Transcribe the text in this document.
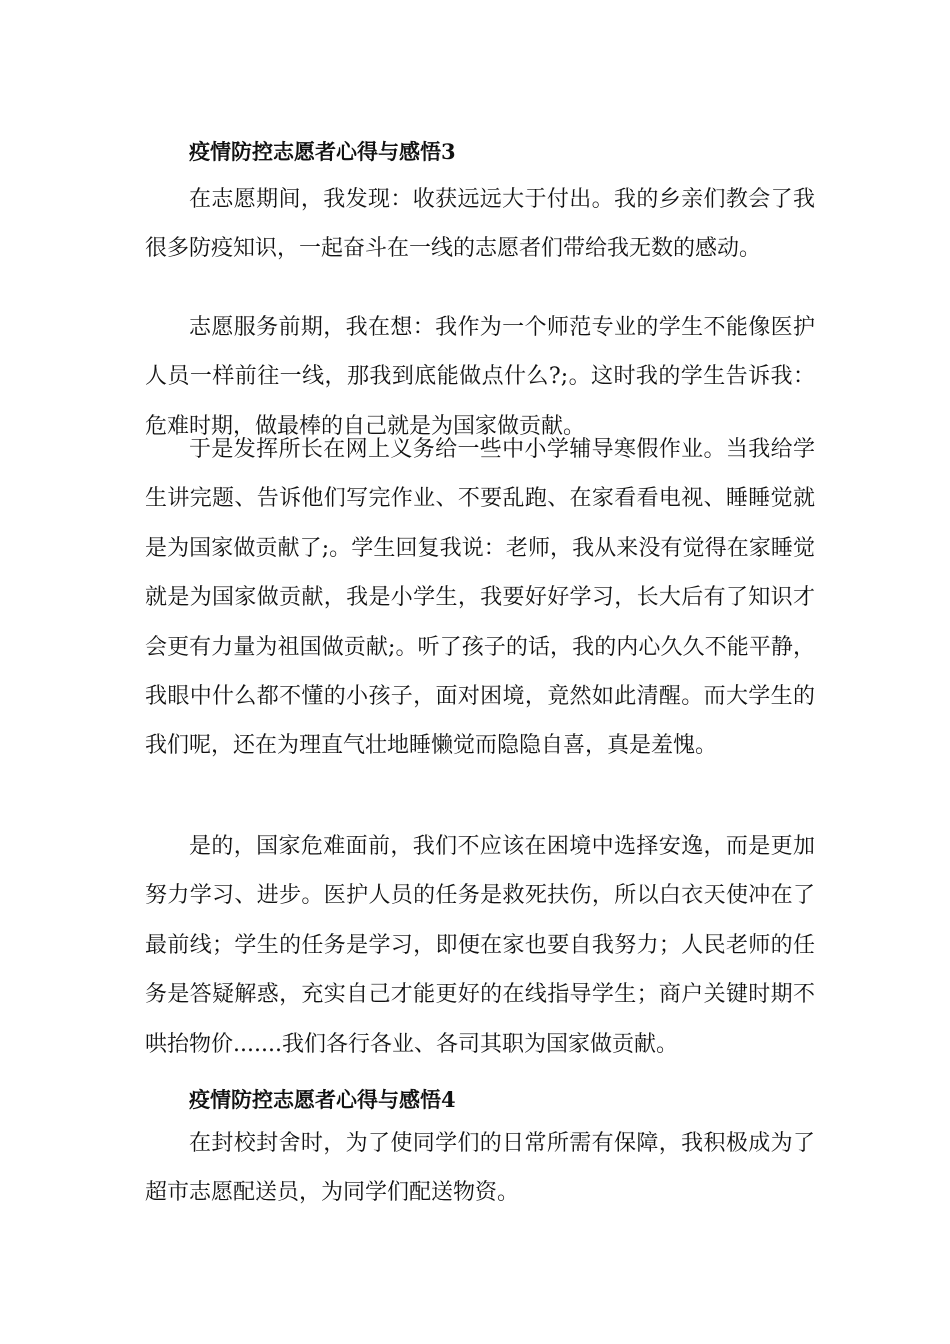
疫情防控志愿者心得与感悟3

在志愿期间，我发现：收获远远大于付出。我的乡亲们教会了我很多防疫知识，一起奋斗在一线的志愿者们带给我无数的感动。

志愿服务前期，我在想：我作为一个师范专业的学生不能像医护人员一样前往一线，那我到底能做点什么?;。这时我的学生告诉我：危难时期，做最棒的自己就是为国家做贡献。

于是发挥所长在网上义务给一些中小学辅导寒假作业。当我给学生讲完题、告诉他们写完作业、不要乱跑、在家看看电视、睡睡觉就是为国家做贡献了;。学生回复我说：老师，我从来没有觉得在家睡觉就是为国家做贡献，我是小学生，我要好好学习，长大后有了知识才会更有力量为祖国做贡献;。听了孩子的话，我的内心久久不能平静，我眼中什么都不懂的小孩子，面对困境，竟然如此清醒。而大学生的我们呢，还在为理直气壮地睡懒觉而隐隐自喜，真是羞愧。

是的，国家危难面前，我们不应该在困境中选择安逸，而是更加努力学习、进步。医护人员的任务是救死扶伤，所以白衣天使冲在了最前线；学生的任务是学习，即便在家也要自我努力；人民老师的任务是答疑解惑，充实自己才能更好的在线指导学生；商户关键时期不哄抬物价.......我们各行各业、各司其职为国家做贡献。

疫情防控志愿者心得与感悟4

在封校封舍时，为了使同学们的日常所需有保障，我积极成为了超市志愿配送员，为同学们配送物资。
